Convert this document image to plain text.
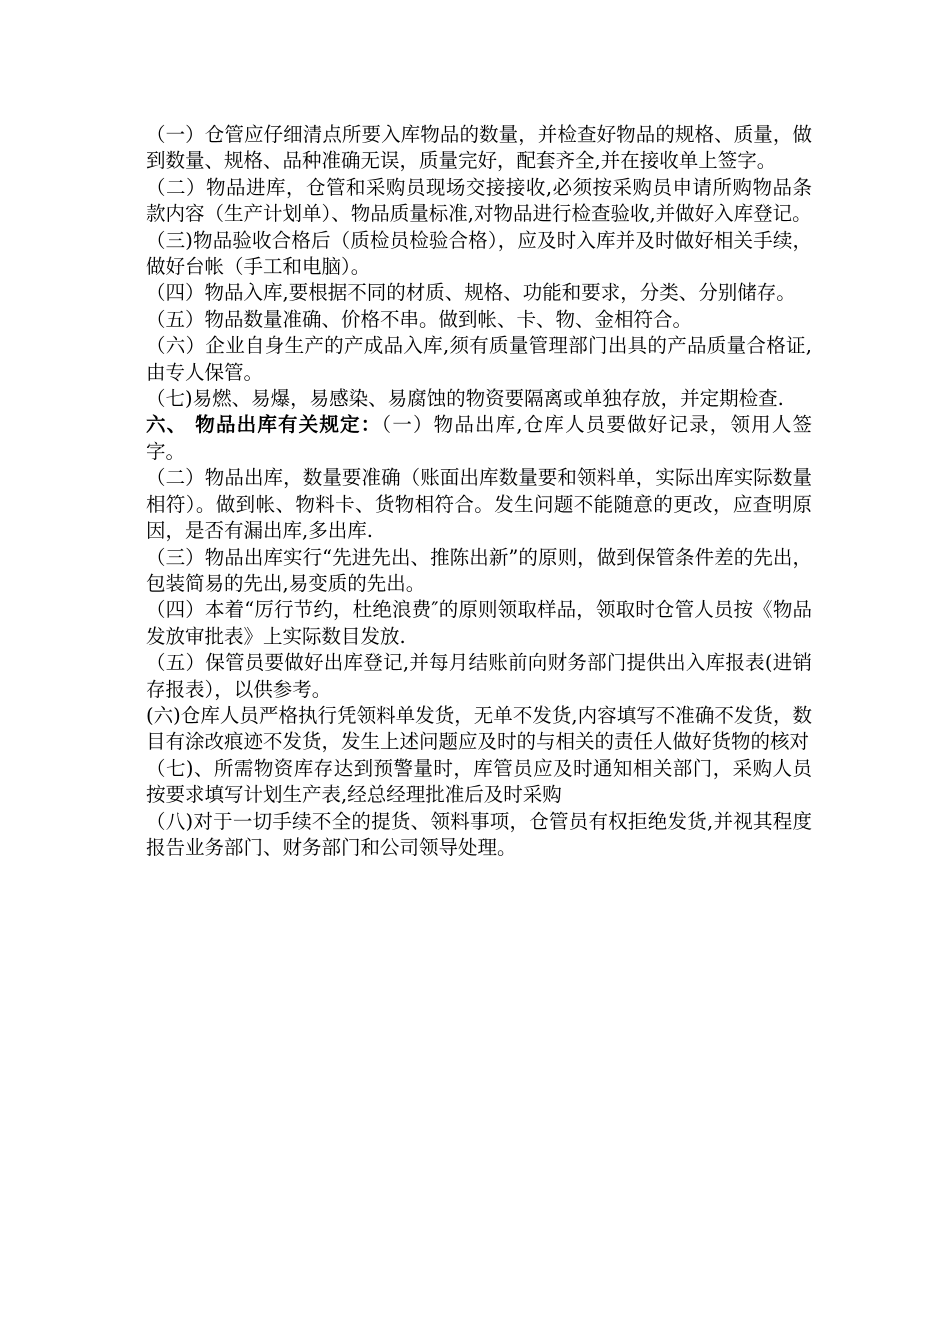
（一）仓管应仔细清点所要入库物品的数量，并检查好物品的规格、质量，做到数量、规格、品种准确无误，质量完好，配套齐全,并在接收单上签字。

（二）物品进库，仓管和采购员现场交接接收,必须按采购员申请所购物品条款内容（生产计划单）、物品质量标准,对物品进行检查验收,并做好入库登记。

（三)物品验收合格后（质检员检验合格），应及时入库并及时做好相关手续，做好台帐（手工和电脑）。

（四）物品入库,要根据不同的材质、规格、功能和要求，分类、分别储存。

（五）物品数量准确、价格不串。做到帐、卡、物、金相符合。

（六）企业自身生产的产成品入库,须有质量管理部门出具的产品质量合格证,由专人保管。

（七)易燃、易爆，易感染、易腐蚀的物资要隔离或单独存放，并定期检查.

六、 物品出库有关规定：（一）物品出库,仓库人员要做好记录，领用人签字。

（二）物品出库，数量要准确（账面出库数量要和领料单，实际出库实际数量相符）。做到帐、物料卡、货物相符合。发生问题不能随意的更改，应查明原因，是否有漏出库,多出库.

（三）物品出库实行“先进先出、推陈出新”的原则，做到保管条件差的先出，包装简易的先出,易变质的先出。

（四）本着“厉行节约，杜绝浪费″的原则领取样品，领取时仓管人员按《物品发放审批表》上实际数目发放.

（五）保管员要做好出库登记,并每月结账前向财务部门提供出入库报表(进销存报表），以供参考。

(六)仓库人员严格执行凭领料单发货，无单不发货,内容填写不准确不发货，数目有涂改痕迹不发货，发生上述问题应及时的与相关的责任人做好货物的核对

（七)、所需物资库存达到预警量时，库管员应及时通知相关部门，采购人员按要求填写计划生产表,经总经理批准后及时采购

（八)对于一切手续不全的提货、领料事项，仓管员有权拒绝发货,并视其程度报告业务部门、财务部门和公司领导处理。
